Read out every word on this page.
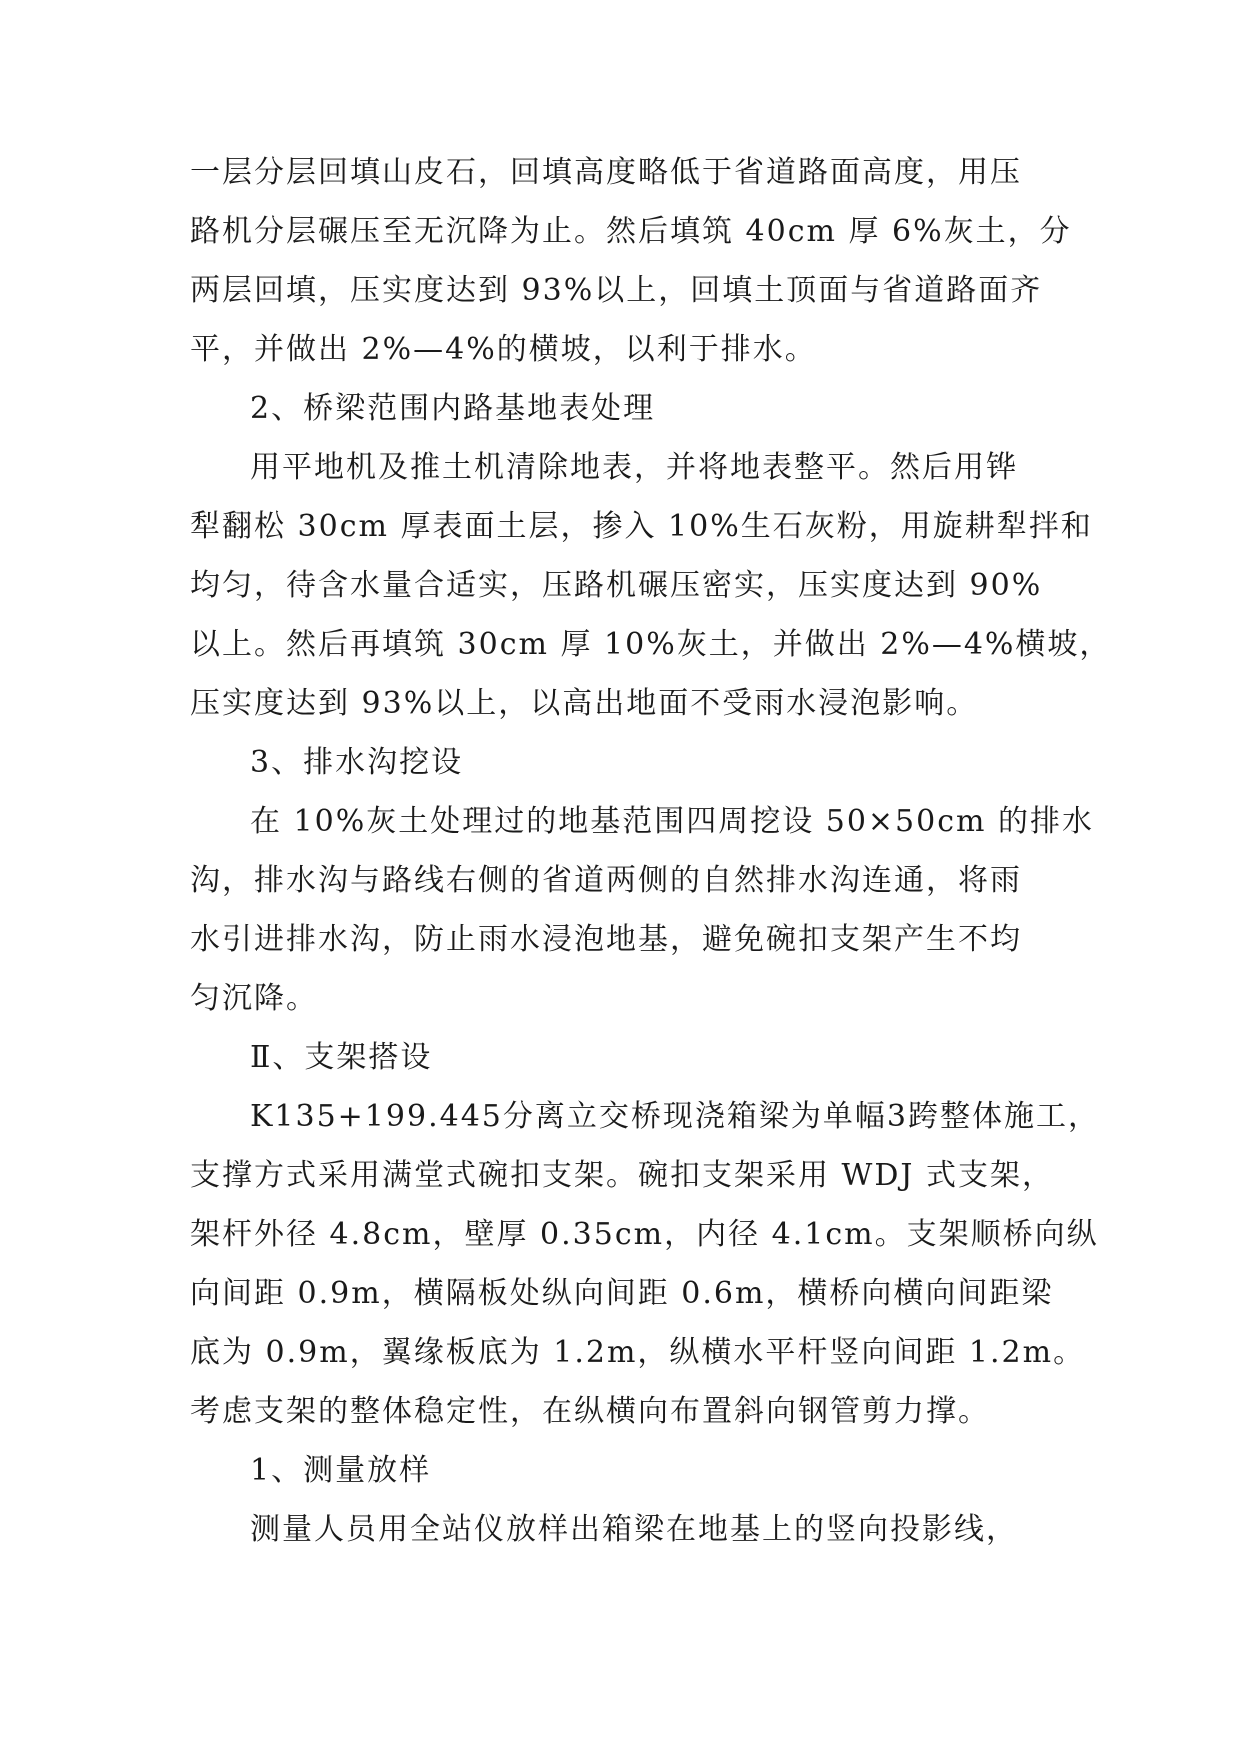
一层分层回填山皮石，回填高度略低于省道路面高度，用压

路机分层碾压至无沉降为止。然后填筑 40cm 厚 6%灰土，分

两层回填，压实度达到 93%以上，回填土顶面与省道路面齐

平，并做出 2%—4%的横坡，以利于排水。

2、桥梁范围内路基地表处理

用平地机及推土机清除地表，并将地表整平。然后用铧

犁翻松 30cm 厚表面土层，掺入 10%生石灰粉，用旋耕犁拌和

均匀，待含水量合适实，压路机碾压密实，压实度达到 90%

以上。然后再填筑 30cm 厚 10%灰土，并做出 2%—4%横坡，

压实度达到 93%以上，以高出地面不受雨水浸泡影响。

3、排水沟挖设

在 10%灰土处理过的地基范围四周挖设 50×50cm 的排水

沟，排水沟与路线右侧的省道两侧的自然排水沟连通，将雨

水引进排水沟，防止雨水浸泡地基，避免碗扣支架产生不均

匀沉降。

Ⅱ、支架搭设

K135+199.445分离立交桥现浇箱梁为单幅3跨整体施工，

支撑方式采用满堂式碗扣支架。碗扣支架采用 WDJ 式支架，

架杆外径 4.8cm，壁厚 0.35cm，内径 4.1cm。支架顺桥向纵

向间距 0.9m，横隔板处纵向间距 0.6m，横桥向横向间距梁

底为 0.9m，翼缘板底为 1.2m，纵横水平杆竖向间距 1.2m。

考虑支架的整体稳定性，在纵横向布置斜向钢管剪力撑。

1、测量放样

测量人员用全站仪放样出箱梁在地基上的竖向投影线，
